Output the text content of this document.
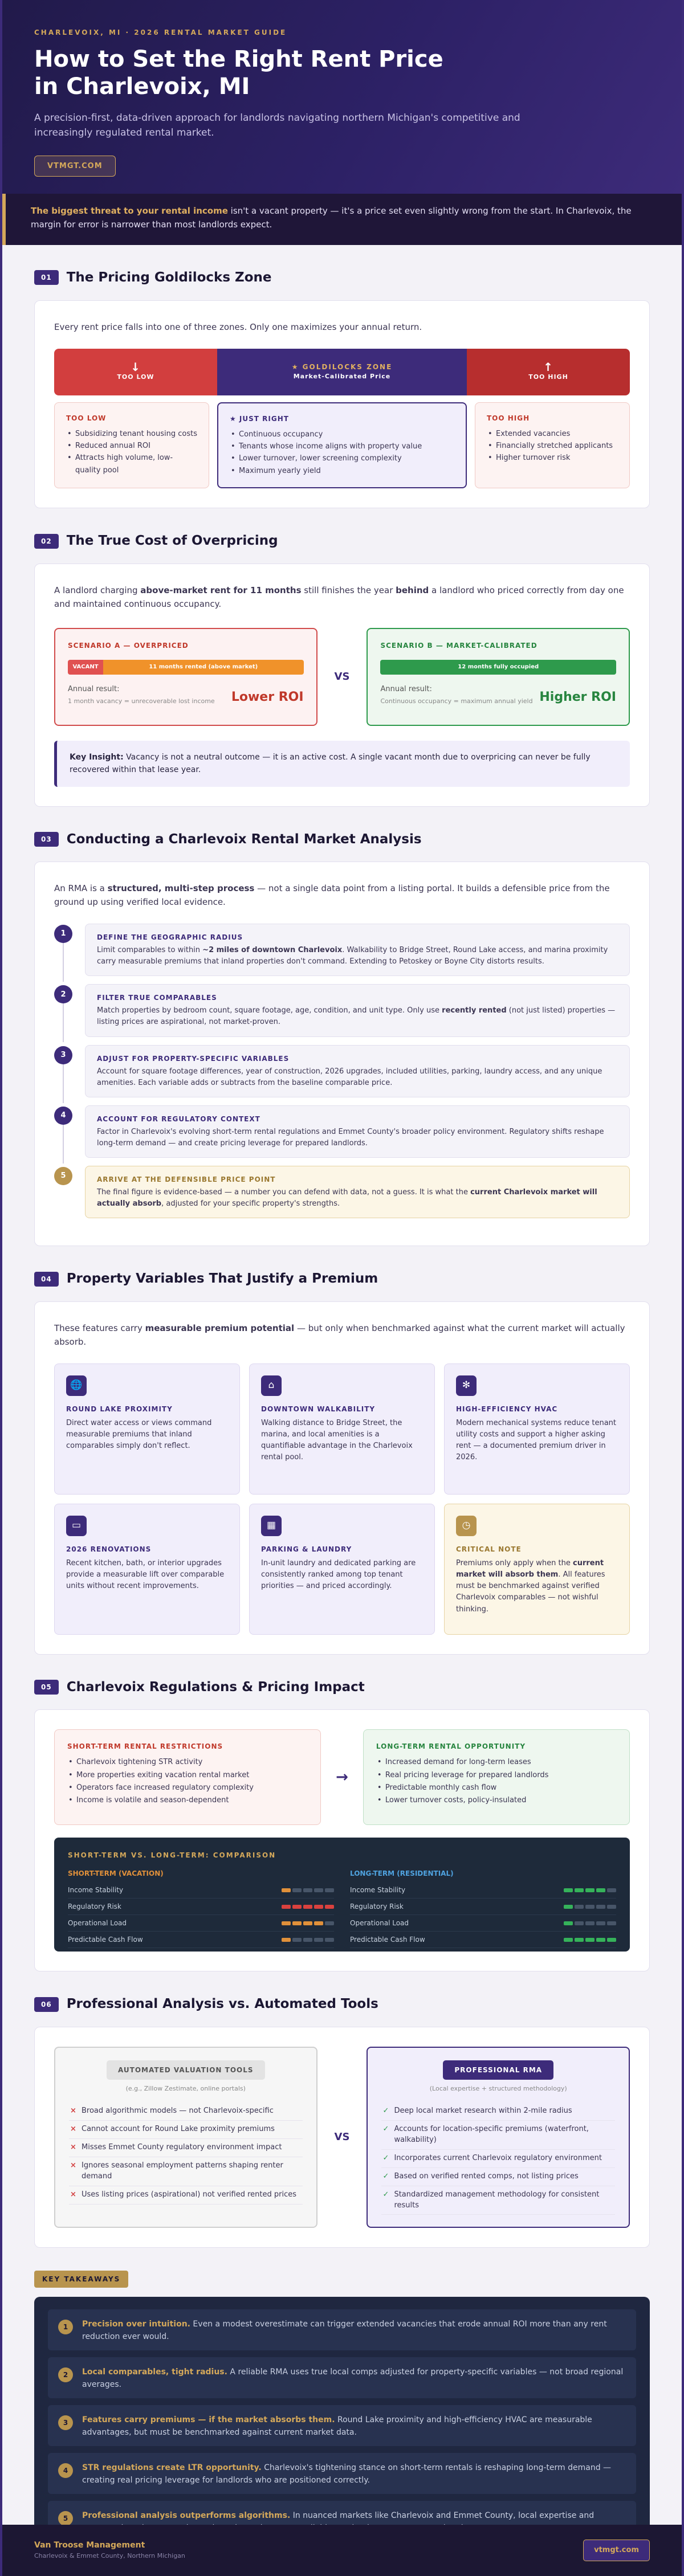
CHARLEVOIX, MI · 2026 RENTAL MARKET GUIDE
How to Set the Right Rent Price in Charlevoix, MI

A precision-first, data-driven approach for landlords navigating northern Michigan's competitive and increasingly regulated rental market.

VTMGT.COM
The biggest threat to your rental income isn't a vacant property — it's a price set even slightly wrong from the start. In Charlevoix, the margin for error is narrower than most landlords expect.
01	The Pricing Goldilocks Zone

Every rent price falls into one of three zones. Only one maximizes your annual return.

↓
TOO LOW
★ GOLDILOCKS ZONE
Market-Calibrated Price
↑
TOO HIGH
TOO LOW
• Subsidizing tenant housing costs
• Reduced annual ROI
• Attracts high volume, low-quality pool
★ JUST RIGHT
• Continuous occupancy
• Tenants whose income aligns with property value
• Lower turnover, lower screening complexity
• Maximum yearly yield
TOO HIGH
• Extended vacancies
• Financially stretched applicants
• Higher turnover risk
02	The True Cost of Overpricing

A landlord charging above-market rent for 11 months still finishes the year behind a landlord who priced correctly from day one and maintained continuous occupancy.

SCENARIO A — OVERPRICED
VACANT	11 months rented (above market)
Annual result:
1 month vacancy = unrecoverable lost income Lower ROI
VS
SCENARIO B — MARKET-CALIBRATED
12 months fully occupied
Annual result:
Continuous occupancy = maximum annual yield Higher ROI
Key Insight: Vacancy is not a neutral outcome — it is an active cost. A single vacant month due to overpricing can never be fully recovered within that lease year.
03	Conducting a Charlevoix Rental Market Analysis

An RMA is a structured, multi-step process — not a single data point from a listing portal. It builds a defensible price from the ground up using verified local evidence.

1	DEFINE THE GEOGRAPHIC RADIUS

Limit comparables to within ~2 miles of downtown Charlevoix. Walkability to Bridge Street, Round Lake access, and marina proximity carry measurable premiums that inland properties don't command. Extending to Petoskey or Boyne City distorts results.

2	FILTER TRUE COMPARABLES

Match properties by bedroom count, square footage, age, condition, and unit type. Only use recently rented (not just listed) properties — listing prices are aspirational, not market-proven.

3	ADJUST FOR PROPERTY-SPECIFIC VARIABLES

Account for square footage differences, year of construction, 2026 upgrades, included utilities, parking, laundry access, and any unique amenities. Each variable adds or subtracts from the baseline comparable price.

4	ACCOUNT FOR REGULATORY CONTEXT

Factor in Charlevoix's evolving short-term rental regulations and Emmet County's broader policy environment. Regulatory shifts reshape long-term demand — and create pricing leverage for prepared landlords.

5	ARRIVE AT THE DEFENSIBLE PRICE POINT

The final figure is evidence-based — a number you can defend with data, not a guess. It is what the current Charlevoix market will actually absorb, adjusted for your specific property's strengths.

04	Property Variables That Justify a Premium

These features carry measurable premium potential — but only when benchmarked against what the current market will actually absorb.

🌐
ROUND LAKE PROXIMITY

Direct water access or views command measurable premiums that inland comparables simply don't reflect.

⌂
DOWNTOWN WALKABILITY

Walking distance to Bridge Street, the marina, and local amenities is a quantifiable advantage in the Charlevoix rental pool.

✻
HIGH-EFFICIENCY HVAC

Modern mechanical systems reduce tenant utility costs and support a higher asking rent — a documented premium driver in 2026.

▭
2026 RENOVATIONS

Recent kitchen, bath, or interior upgrades provide a measurable lift over comparable units without recent improvements.

▦
PARKING & LAUNDRY

In-unit laundry and dedicated parking are consistently ranked among top tenant priorities — and priced accordingly.

◷
CRITICAL NOTE

Premiums only apply when the current market will absorb them. All features must be benchmarked against verified Charlevoix comparables — not wishful thinking.

05	Charlevoix Regulations & Pricing Impact
SHORT-TERM RENTAL RESTRICTIONS
• Charlevoix tightening STR activity
• More properties exiting vacation rental market
• Operators face increased regulatory complexity
• Income is volatile and season-dependent
→
LONG-TERM RENTAL OPPORTUNITY
• Increased demand for long-term leases
• Real pricing leverage for prepared landlords
• Predictable monthly cash flow
• Lower turnover costs, policy-insulated
SHORT-TERM VS. LONG-TERM: COMPARISON
SHORT-TERM (VACATION)
Income Stability
Regulatory Risk
Operational Load
Predictable Cash Flow
LONG-TERM (RESIDENTIAL)
Income Stability
Regulatory Risk
Operational Load
Predictable Cash Flow
06	Professional Analysis vs. Automated Tools
AUTOMATED VALUATION TOOLS
(e.g., Zillow Zestimate, online portals)
× Broad algorithmic models — not Charlevoix-specific
× Cannot account for Round Lake proximity premiums
× Misses Emmet County regulatory environment impact
× Ignores seasonal employment patterns shaping renter demand
× Uses listing prices (aspirational) not verified rented prices
VS
PROFESSIONAL RMA
(Local expertise + structured methodology)
✓ Deep local market research within 2-mile radius
✓ Accounts for location-specific premiums (waterfront, walkability)
✓ Incorporates current Charlevoix regulatory environment
✓ Based on verified rented comps, not listing prices
✓ Standardized management methodology for consistent results
KEY TAKEAWAYS
1	Precision over intuition. Even a modest overestimate can trigger extended vacancies that erode annual ROI more than any rent reduction ever would.

2	Local comparables, tight radius. A reliable RMA uses true local comps adjusted for property-specific variables — not broad regional averages.

3	Features carry premiums — if the market absorbs them. Round Lake proximity and high-efficiency HVAC are measurable advantages, but must be benchmarked against current market data.

4	STR regulations create LTR opportunity. Charlevoix's tightening stance on short-term rentals is reshaping long-term demand — creating real pricing leverage for landlords who are positioned correctly.

5	Professional analysis outperforms algorithms. In nuanced markets like Charlevoix and Emmet County, local expertise and

Van Troose Management
Charlevoix & Emmet County, Northern Michigan
vtmgt.com
